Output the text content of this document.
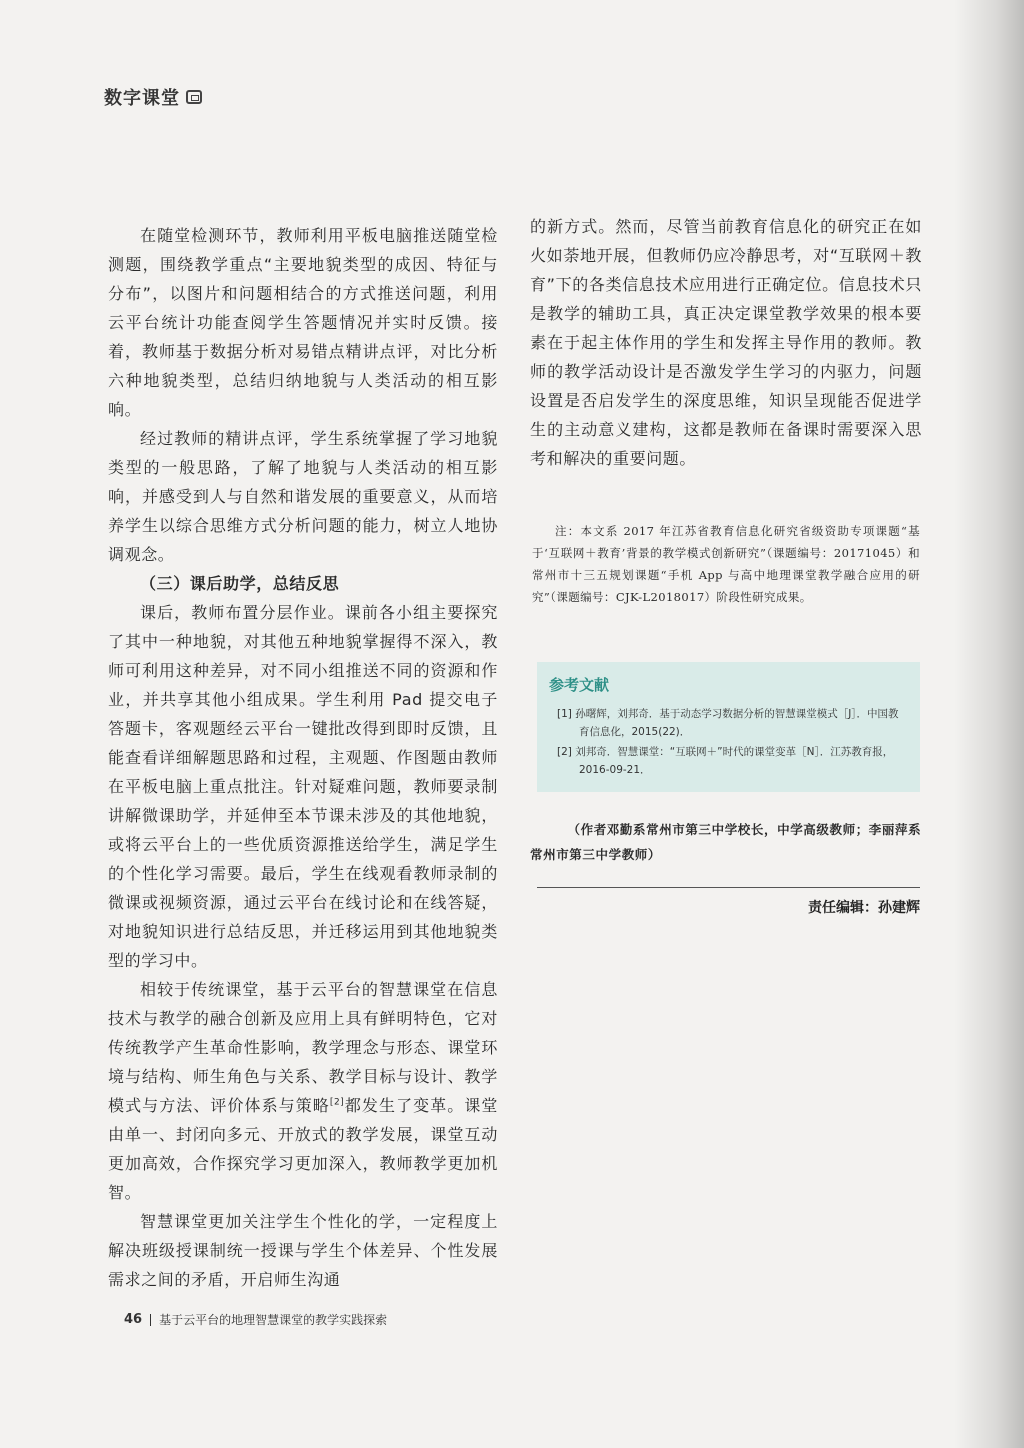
数字课堂

在随堂检测环节，教师利用平板电脑推送随堂检测题，围绕教学重点“主要地貌类型的成因、特征与分布”，以图片和问题相结合的方式推送问题，利用云平台统计功能查阅学生答题情况并实时反馈。接着，教师基于数据分析对易错点精讲点评，对比分析六种地貌类型，总结归纳地貌与人类活动的相互影响。

经过教师的精讲点评，学生系统掌握了学习地貌类型的一般思路，了解了地貌与人类活动的相互影响，并感受到人与自然和谐发展的重要意义，从而培养学生以综合思维方式分析问题的能力，树立人地协调观念。

（三）课后助学，总结反思

课后，教师布置分层作业。课前各小组主要探究了其中一种地貌，对其他五种地貌掌握得不深入，教师可利用这种差异，对不同小组推送不同的资源和作业，并共享其他小组成果。学生利用 Pad 提交电子答题卡，客观题经云平台一键批改得到即时反馈，且能查看详细解题思路和过程，主观题、作图题由教师在平板电脑上重点批注。针对疑难问题，教师要录制讲解微课助学，并延伸至本节课未涉及的其他地貌，或将云平台上的一些优质资源推送给学生，满足学生的个性化学习需要。最后，学生在线观看教师录制的微课或视频资源，通过云平台在线讨论和在线答疑，对地貌知识进行总结反思，并迁移运用到其他地貌类型的学习中。

相较于传统课堂，基于云平台的智慧课堂在信息技术与教学的融合创新及应用上具有鲜明特色，它对传统教学产生革命性影响，教学理念与形态、课堂环境与结构、师生角色与关系、教学目标与设计、教学模式与方法、评价体系与策略[2]都发生了变革。课堂由单一、封闭向多元、开放式的教学发展，课堂互动更加高效，合作探究学习更加深入，教师教学更加机智。

智慧课堂更加关注学生个性化的学，一定程度上解决班级授课制统一授课与学生个体差异、个性发展需求之间的矛盾，开启师生沟通

的新方式。然而，尽管当前教育信息化的研究正在如火如荼地开展，但教师仍应冷静思考，对“互联网＋教育”下的各类信息技术应用进行正确定位。信息技术只是教学的辅助工具，真正决定课堂教学效果的根本要素在于起主体作用的学生和发挥主导作用的教师。教师的教学活动设计是否激发学生学习的内驱力，问题设置是否启发学生的深度思维，知识呈现能否促进学生的主动意义建构，这都是教师在备课时需要深入思考和解决的重要问题。

注：本文系 2017 年江苏省教育信息化研究省级资助专项课题“基于‘互联网＋教育’背景的教学模式创新研究”（课题编号：20171045）和常州市十三五规划课题“手机 App 与高中地理课堂教学融合应用的研究”（课题编号：CJK-L2018017）阶段性研究成果。

参考文献
[1] 孙曙辉，刘邦奇．基于动态学习数据分析的智慧课堂模式［J］．中国教育信息化，2015(22)．
[2] 刘邦奇．智慧课堂：“互联网＋”时代的课堂变革［N］．江苏教育报，2016-09-21．

（作者邓勤系常州市第三中学校长，中学高级教师；李丽萍系常州市第三中学教师）

责任编辑：孙建辉
46 基于云平台的地理智慧课堂的教学实践探索
